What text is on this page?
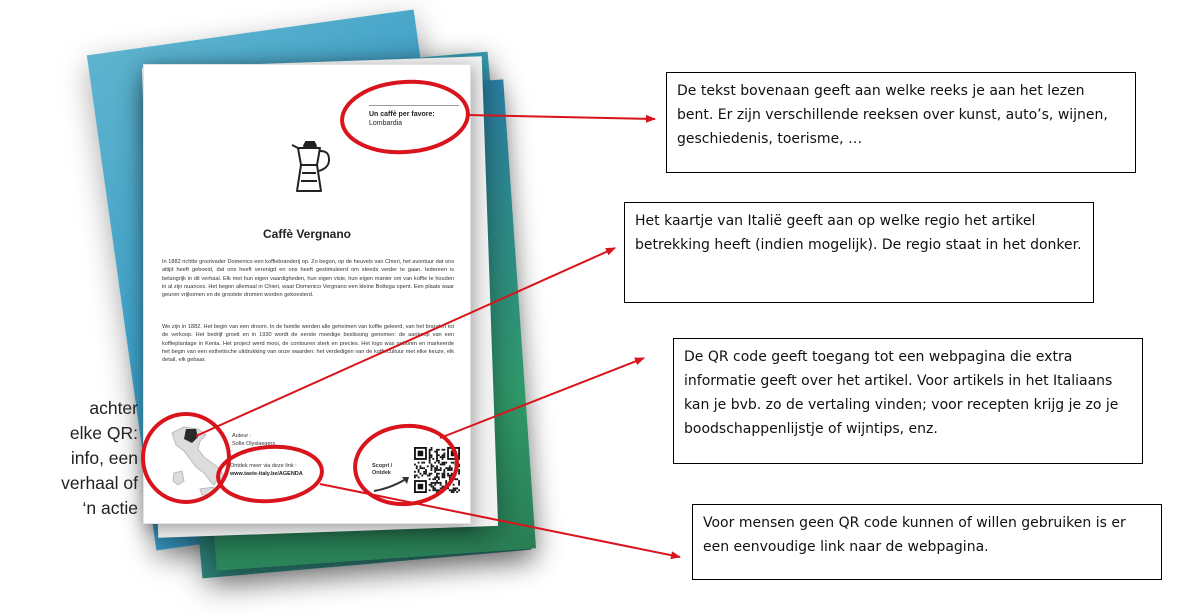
Un caffè per favore:
Lombardia
Caffè Vergnano
In 1882 richtte grootvader Domenico een koffiebranderij op. Zo begon, op de heuvels van Chieri, het avontuur dat ons altijd heeft geboeid, dat ons heeft verenigd en ons heeft gestimuleerd om steeds verder te gaan. Iedereen is belangrijk in dit verhaal. Elk met hun eigen vaardigheden, hun eigen visie, hun eigen manier om van koffie te houden in al zijn nuances. Het begon allemaal in Chieri, waar Domenico Vergnano een kleine Bottega opent. Een plaats waar geuren vrijkomen en de grootste dromen worden gekoesterd.
We zijn in 1882. Het begin van een droom. In de familie werden alle geheimen van koffie geleerd, van het branden tot de verkoop. Het bedrijf groeit en in 1930 wordt de eerste moedige beslissing genomen: de aankoop van een koffieplantage in Kenia. Het project werd mooi, de contouren sterk en precies. Het logo was geboren en markeerde het begin van een esthetische uitdrukking van onze waarden: het verdedigen van de koffiecultuur met elke keuze, elk detail, elk gebaar.
Auteur :
Sofie Olyslaegers
Ontdek meer via deze link :
www.taste-italy.be/AGENDA
Scopri /
Ontdek
achter
elke QR:
info, een
verhaal of
‘n actie
De tekst bovenaan geeft aan welke reeks je aan het lezen bent. Er zijn verschillende reeksen over kunst, auto’s, wijnen, geschiedenis, toerisme, …
Het kaartje van Italië geeft aan op welke regio het artikel betrekking heeft (indien mogelijk). De regio staat in het donker.
De QR code geeft toegang tot een webpagina die extra informatie geeft over het artikel. Voor artikels in het Italiaans kan je bvb. zo de vertaling vinden; voor recepten krijg je zo je boodschappenlijstje of wijntips, enz.
Voor mensen geen QR code kunnen of willen gebruiken is er een eenvoudige link naar de webpagina.
